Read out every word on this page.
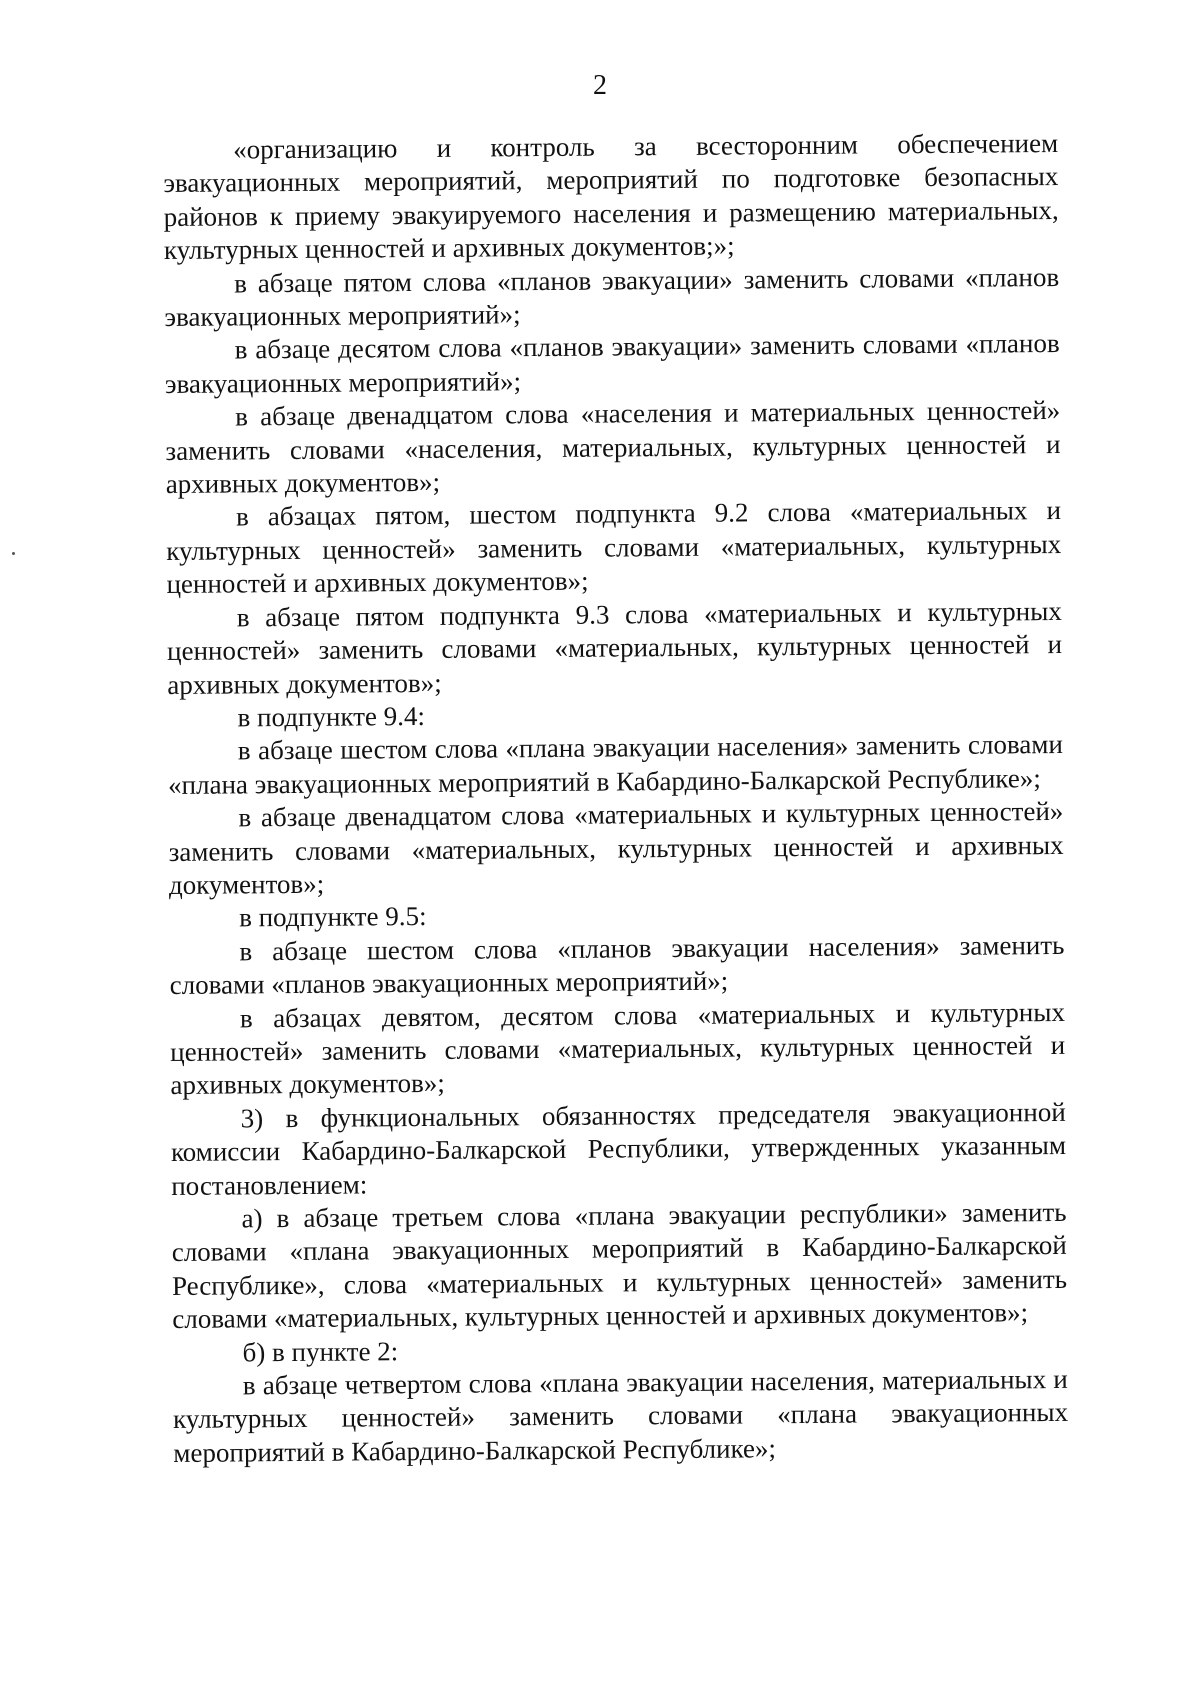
2

«организацию и контроль за всесторонним обеспечением эвакуационных мероприятий, мероприятий по подготовке безопасных районов к приему эвакуируемого населения и размещению материальных, культурных ценностей и архивных документов;»;

в абзаце пятом слова «планов эвакуации» заменить словами «планов эвакуационных мероприятий»;

в абзаце десятом слова «планов эвакуации» заменить словами «планов эвакуационных мероприятий»;

в абзаце двенадцатом слова «населения и материальных ценностей» заменить словами «населения, материальных, культурных ценностей и архивных документов»;

в абзацах пятом, шестом подпункта 9.2 слова «материальных и культурных ценностей» заменить словами «материальных, культурных ценностей и архивных документов»;

в абзаце пятом подпункта 9.3 слова «материальных и культурных ценностей» заменить словами «материальных, культурных ценностей и архивных документов»;

в подпункте 9.4:

в абзаце шестом слова «плана эвакуации населения» заменить словами «плана эвакуационных мероприятий в Кабардино-Балкарской Республике»;

в абзаце двенадцатом слова «материальных и культурных ценностей» заменить словами «материальных, культурных ценностей и архивных документов»;

в подпункте 9.5:

в абзаце шестом слова «планов эвакуации населения» заменить словами «планов эвакуационных мероприятий»;

в абзацах девятом, десятом слова «материальных и культурных ценностей» заменить словами «материальных, культурных ценностей и архивных документов»;

3) в функциональных обязанностях председателя эвакуационной комиссии Кабардино-Балкарской Республики, утвержденных указанным постановлением:

а) в абзаце третьем слова «плана эвакуации республики» заменить словами «плана эвакуационных мероприятий в Кабардино-Балкарской Республике», слова «материальных и культурных ценностей» заменить словами «материальных, культурных ценностей и архивных документов»;

б) в пункте 2:

в абзаце четвертом слова «плана эвакуации населения, материальных и культурных ценностей» заменить словами «плана эвакуационных мероприятий в Кабардино-Балкарской Республике»;
